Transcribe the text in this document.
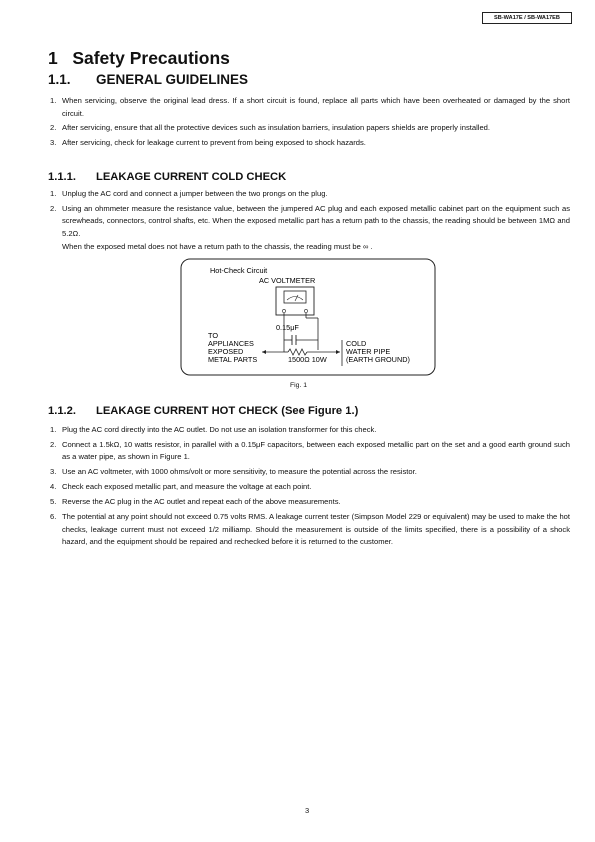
SB-WA17E / SB-WA17EB
1 Safety Precautions
1.1. GENERAL GUIDELINES
1. When servicing, observe the original lead dress. If a short circuit is found, replace all parts which have been overheated or damaged by the short circuit.
2. After servicing, ensure that all the protective devices such as insulation barriers, insulation papers shields are properly installed.
3. After servicing, check for leakage current to prevent from being exposed to shock hazards.
1.1.1. LEAKAGE CURRENT COLD CHECK
1. Unplug the AC cord and connect a jumper between the two prongs on the plug.
2. Using an ohmmeter measure the resistance value, between the jumpered AC plug and each exposed metallic cabinet part on the equipment such as screwheads, connectors, control shafts, etc. When the exposed metallic part has a return path to the chassis, the reading should be between 1MΩ and 5.2Ω.
When the exposed metal does not have a return path to the chassis, the reading must be ∞ .
Hot-Check Circuit
AC VOLTMETER
0.15μF
TO
APPLIANCES
EXPOSED
METAL PARTS	1500Ω 10W
COLD
WATER PIPE
(EARTH GROUND)
Fig. 1
1.1.2. LEAKAGE CURRENT HOT CHECK (See Figure 1.)
1. Plug the AC cord directly into the AC outlet. Do not use an isolation transformer for this check.
2. Connect a 1.5kΩ, 10 watts resistor, in parallel with a 0.15μF capacitors, between each exposed metallic part on the set and a good earth ground such as a water pipe, as shown in Figure 1.
3. Use an AC voltmeter, with 1000 ohms/volt or more sensitivity, to measure the potential across the resistor.
4. Check each exposed metallic part, and measure the voltage at each point.
5. Reverse the AC plug in the AC outlet and repeat each of the above measurements.
6. The potential at any point should not exceed 0.75 volts RMS. A leakage current tester (Simpson Model 229 or equivalent) may be used to make the hot checks, leakage current must not exceed 1/2 milliamp. Should the measurement is outside of the limits specified, there is a possibility of a shock hazard, and the equipment should be repaired and rechecked before it is returned to the customer.
3
